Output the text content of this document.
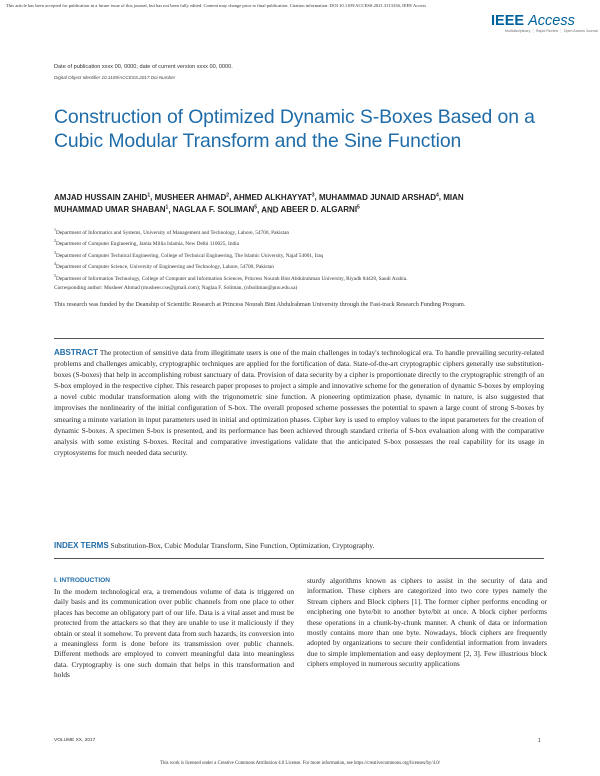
This article has been accepted for publication in a future issue of this journal, but has not been fully edited. Content may change prior to final publication. Citation information: DOI 10.1109/ACCESS.2021.3113336, IEEE Access
IEEE Access
Multidisciplinary ⋮ Rapid Review ⋮ Open Access Journal
Date of publication xxxx 00, 0000, date of current version xxxx 00, 0000.
Digital Object Identifier 10.1109/ACCESS.2017.Doi Number
Construction of Optimized Dynamic S-Boxes Based on a Cubic Modular Transform and the Sine Function
AMJAD HUSSAIN ZAHID$^1$, MUSHEER AHMAD$^2$, AHMED ALKHAYYAT$^3$, MUHAMMAD JUNAID ARSHAD$^4$, MIAN MUHAMMAD UMAR SHABAN$^1$, NAGLAA F. SOLIMAN$^5$, AND ABEER D. ALGARNI$^5$

$^1$Department of Informatics and Systems, University of Management and Technology, Lahore, 54700, Pakistan

$^2$Department of Computer Engineering, Jamia Millia Islamia, New Delhi 110025, India

$^3$Department of Computer Technical Engineering, College of Technical Engineering, The Islamic University, Najaf 54001, Iraq

$^4$Department of Computer Science, University of Engineering and Technology, Lahore, 54700, Pakistan

$^5$Department of Information Technology, College of Computer and Information Sciences, Princess Nourah Bint Abdulrahman University, Riyadh 84428, Saudi Arabia.

Corresponding author: Musheer Ahmad (musheer.cse@gmail.com); Naglaa F. Soliman, (nfsoliman@pnu.edu.sa)
This research was funded by the Deanship of Scientific Research at Princess Nourah Bint Abdulrahman University through the Fast-track Research Funding Program.
ABSTRACT The protection of sensitive data from illegitimate users is one of the main challenges in today's technological era. To handle prevailing security-related problems and challenges amicably, cryptographic techniques are applied for the fortification of data. State-of-the-art cryptographic ciphers generally use substitution-boxes (S-boxes) that help in accomplishing robust sanctuary of data. Provision of data security by a cipher is proportionate directly to the cryptographic strength of an S-box employed in the respective cipher. This research paper proposes to project a simple and innovative scheme for the generation of dynamic S-boxes by employing a novel cubic modular transformation along with the trigonometric sine function. A pioneering optimization phase, dynamic in nature, is also suggested that improvises the nonlinearity of the initial configuration of S-box. The overall proposed scheme possesses the potential to spawn a large count of strong S-boxes by smearing a minute variation in input parameters used in initial and optimization phases. Cipher key is used to employ values to the input parameters for the creation of dynamic S-boxes. A specimen S-box is presented, and its performance has been achieved through standard criteria of S-box evaluation along with the comparative analysis with some existing S-boxes. Recital and comparative investigations validate that the anticipated S-box possesses the real capability for its usage in cryptosystems for much needed data security.
INDEX TERMS Substitution-Box, Cubic Modular Transform, Sine Function, Optimization, Cryptography.
I. INTRODUCTION
In the modern technological era, a tremendous volume of data is triggered on daily basis and its communication over public channels from one place to other places has become an obligatory part of our life. Data is a vital asset and must be protected from the attackers so that they are unable to use it maliciously if they obtain or steal it somehow. To prevent data from such hazards, its conversion into a meaningless form is done before its transmission over public channels. Different methods are employed to convert meaningful data into meaningless data. Cryptography is one such domain that helps in this transformation and holds
sturdy algorithms known as ciphers to assist in the security of data and information. These ciphers are categorized into two core types namely the Stream ciphers and Block ciphers [1]. The former cipher performs encoding or enciphering one byte/bit to another byte/bit at once. A block cipher performs these operations in a chunk-by-chunk manner. A chunk of data or information mostly contains more than one byte. Nowadays, block ciphers are frequently adopted by organizations to secure their confidential information from invaders due to simple implementation and easy deployment [2, 3]. Few illustrious block ciphers employed in numerous security applications
VOLUME XX, 2017	1
This work is licensed under a Creative Commons Attribution 4.0 License. For more information, see https://creativecommons.org/licenses/by/4.0/
